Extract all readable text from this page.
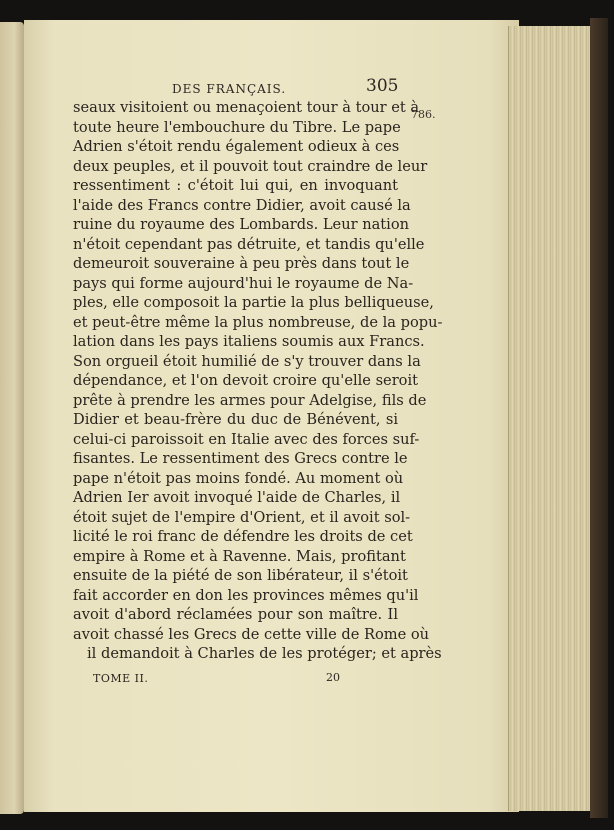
DES FRANÇAIS.	305
786.
seaux visitoient ou menaçoient tour à tour et à
toute heure l'embouchure du Tibre. Le pape
Adrien s'étoit rendu également odieux à ces
deux peuples, et il pouvoit tout craindre de leur
ressentiment : c'étoit lui qui, en invoquant
l'aide des Francs contre Didier, avoit causé la
ruine du royaume des Lombards. Leur nation
n'étoit cependant pas détruite, et tandis qu'elle
demeuroit souveraine à peu près dans tout le
pays qui forme aujourd'hui le royaume de Na-
ples, elle composoit la partie la plus belliqueuse,
et peut-être même la plus nombreuse, de la popu-
lation dans les pays italiens soumis aux Francs.
Son orgueil étoit humilié de s'y trouver dans la
dépendance, et l'on devoit croire qu'elle seroit
prête à prendre les armes pour Adelgise, fils de
Didier et beau-frère du duc de Bénévent, si
celui-ci paroissoit en Italie avec des forces suf-
fisantes. Le ressentiment des Grecs contre le
pape n'étoit pas moins fondé. Au moment où
Adrien Ier avoit invoqué l'aide de Charles, il
étoit sujet de l'empire d'Orient, et il avoit sol-
licité le roi franc de défendre les droits de cet
empire à Rome et à Ravenne. Mais, profitant
ensuite de la piété de son libérateur, il s'étoit
fait accorder en don les provinces mêmes qu'il
avoit d'abord réclamées pour son maître. Il
avoit chassé les Grecs de cette ville de Rome où
il demandoit à Charles de les protéger; et après
TOME II.	20
